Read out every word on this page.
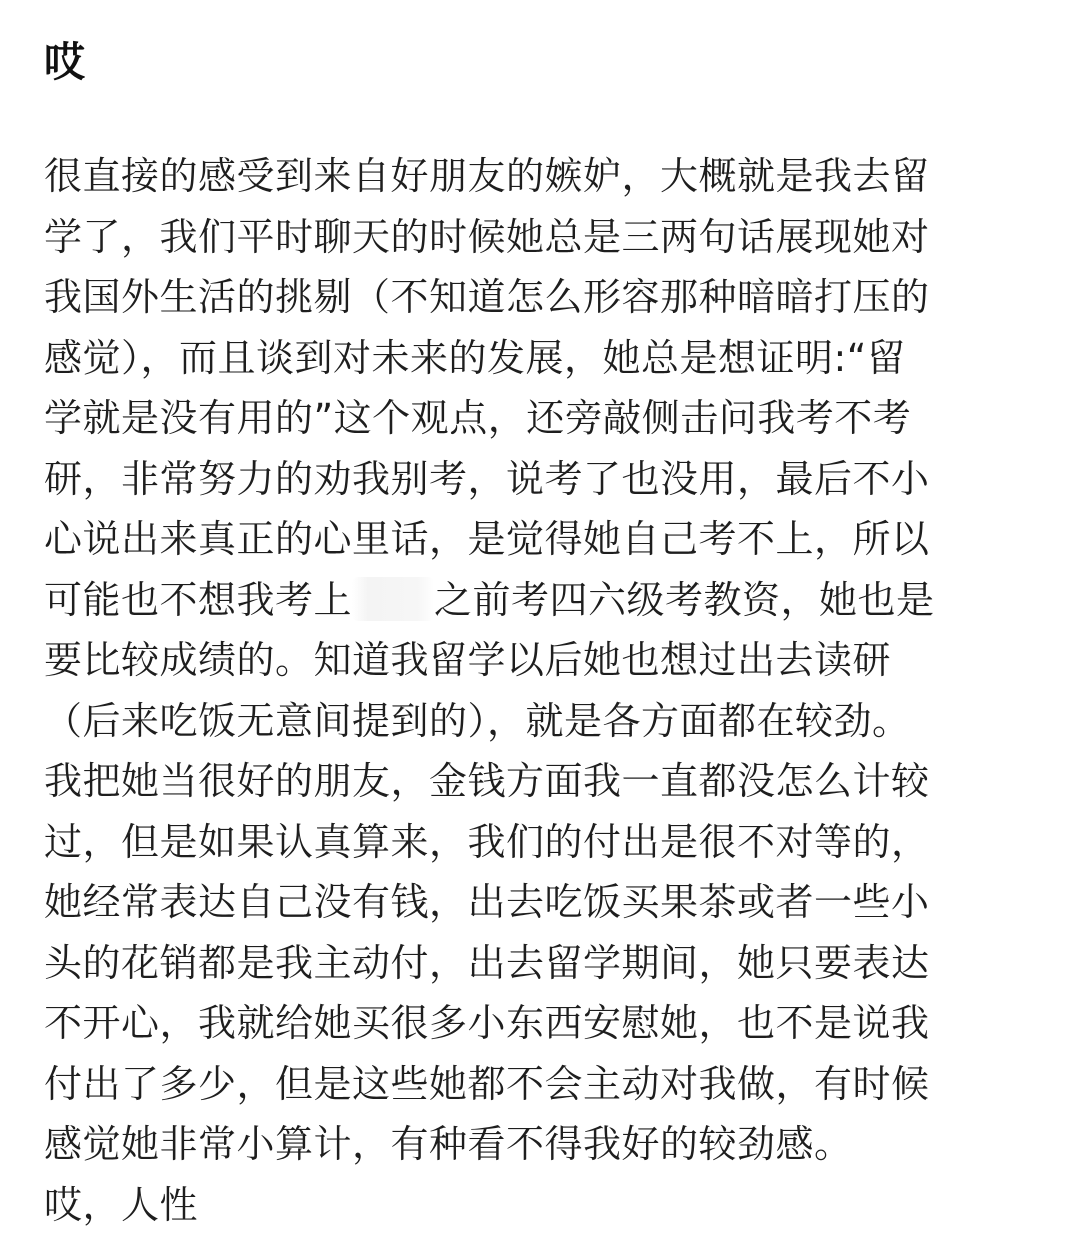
哎
很直接的感受到来自好朋友的嫉妒，大概就是我去留
学了，我们平时聊天的时候她总是三两句话展现她对
我国外生活的挑剔（不知道怎么形容那种暗暗打压的
感觉），而且谈到对未来的发展，她总是想证明:“留
学就是没有用的”这个观点，还旁敲侧击问我考不考
研，非常努力的劝我别考，说考了也没用，最后不小
心说出来真正的心里话，是觉得她自己考不上，所以
可能也不想我考上 之前考四六级考教资，她也是
要比较成绩的。知道我留学以后她也想过出去读研
（后来吃饭无意间提到的），就是各方面都在较劲。
我把她当很好的朋友，金钱方面我一直都没怎么计较
过，但是如果认真算来，我们的付出是很不对等的，
她经常表达自己没有钱，出去吃饭买果茶或者一些小
头的花销都是我主动付，出去留学期间，她只要表达
不开心，我就给她买很多小东西安慰她，也不是说我
付出了多少，但是这些她都不会主动对我做，有时候
感觉她非常小算计，有种看不得我好的较劲感。
哎，人性
